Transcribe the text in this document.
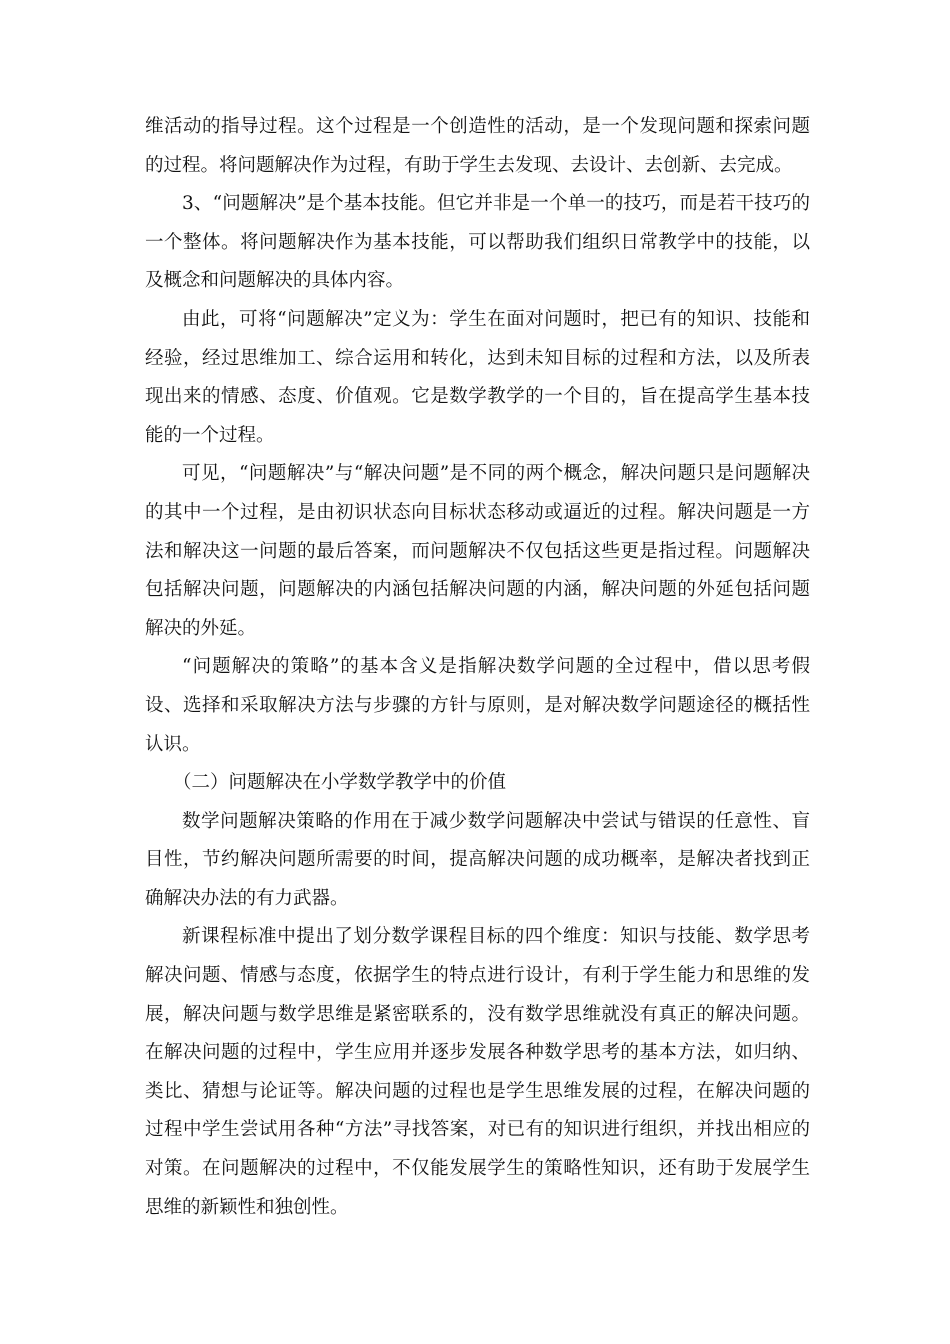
维活动的指导过程。这个过程是一个创造性的活动，是一个发现问题和探索问题的过程。将问题解决作为过程，有助于学生去发现、去设计、去创新、去完成。

3、“问题解决”是个基本技能。但它并非是一个单一的技巧，而是若干技巧的一个整体。将问题解决作为基本技能，可以帮助我们组织日常教学中的技能，以及概念和问题解决的具体内容。

由此，可将“问题解决”定义为：学生在面对问题时，把已有的知识、技能和经验，经过思维加工、综合运用和转化，达到未知目标的过程和方法，以及所表现出来的情感、态度、价值观。它是数学教学的一个目的，旨在提高学生基本技能的一个过程。

可见，“问题解决”与“解决问题”是不同的两个概念，解决问题只是问题解决的其中一个过程，是由初识状态向目标状态移动或逼近的过程。解决问题是一方法和解决这一问题的最后答案，而问题解决不仅包括这些更是指过程。问题解决包括解决问题，问题解决的内涵包括解决问题的内涵，解决问题的外延包括问题解决的外延。

“问题解决的策略”的基本含义是指解决数学问题的全过程中，借以思考假设、选择和采取解决方法与步骤的方针与原则，是对解决数学问题途径的概括性认识。

（二）问题解决在小学数学教学中的价值

数学问题解决策略的作用在于减少数学问题解决中尝试与错误的任意性、盲目性，节约解决问题所需要的时间，提高解决问题的成功概率，是解决者找到正确解决办法的有力武器。

新课程标准中提出了划分数学课程目标的四个维度：知识与技能、数学思考解决问题、情感与态度，依据学生的特点进行设计，有利于学生能力和思维的发展，解决问题与数学思维是紧密联系的，没有数学思维就没有真正的解决问题。在解决问题的过程中，学生应用并逐步发展各种数学思考的基本方法，如归纳、类比、猜想与论证等。解决问题的过程也是学生思维发展的过程，在解决问题的过程中学生尝试用各种“方法”寻找答案，对已有的知识进行组织，并找出相应的对策。在问题解决的过程中，不仅能发展学生的策略性知识，还有助于发展学生思维的新颖性和独创性。
